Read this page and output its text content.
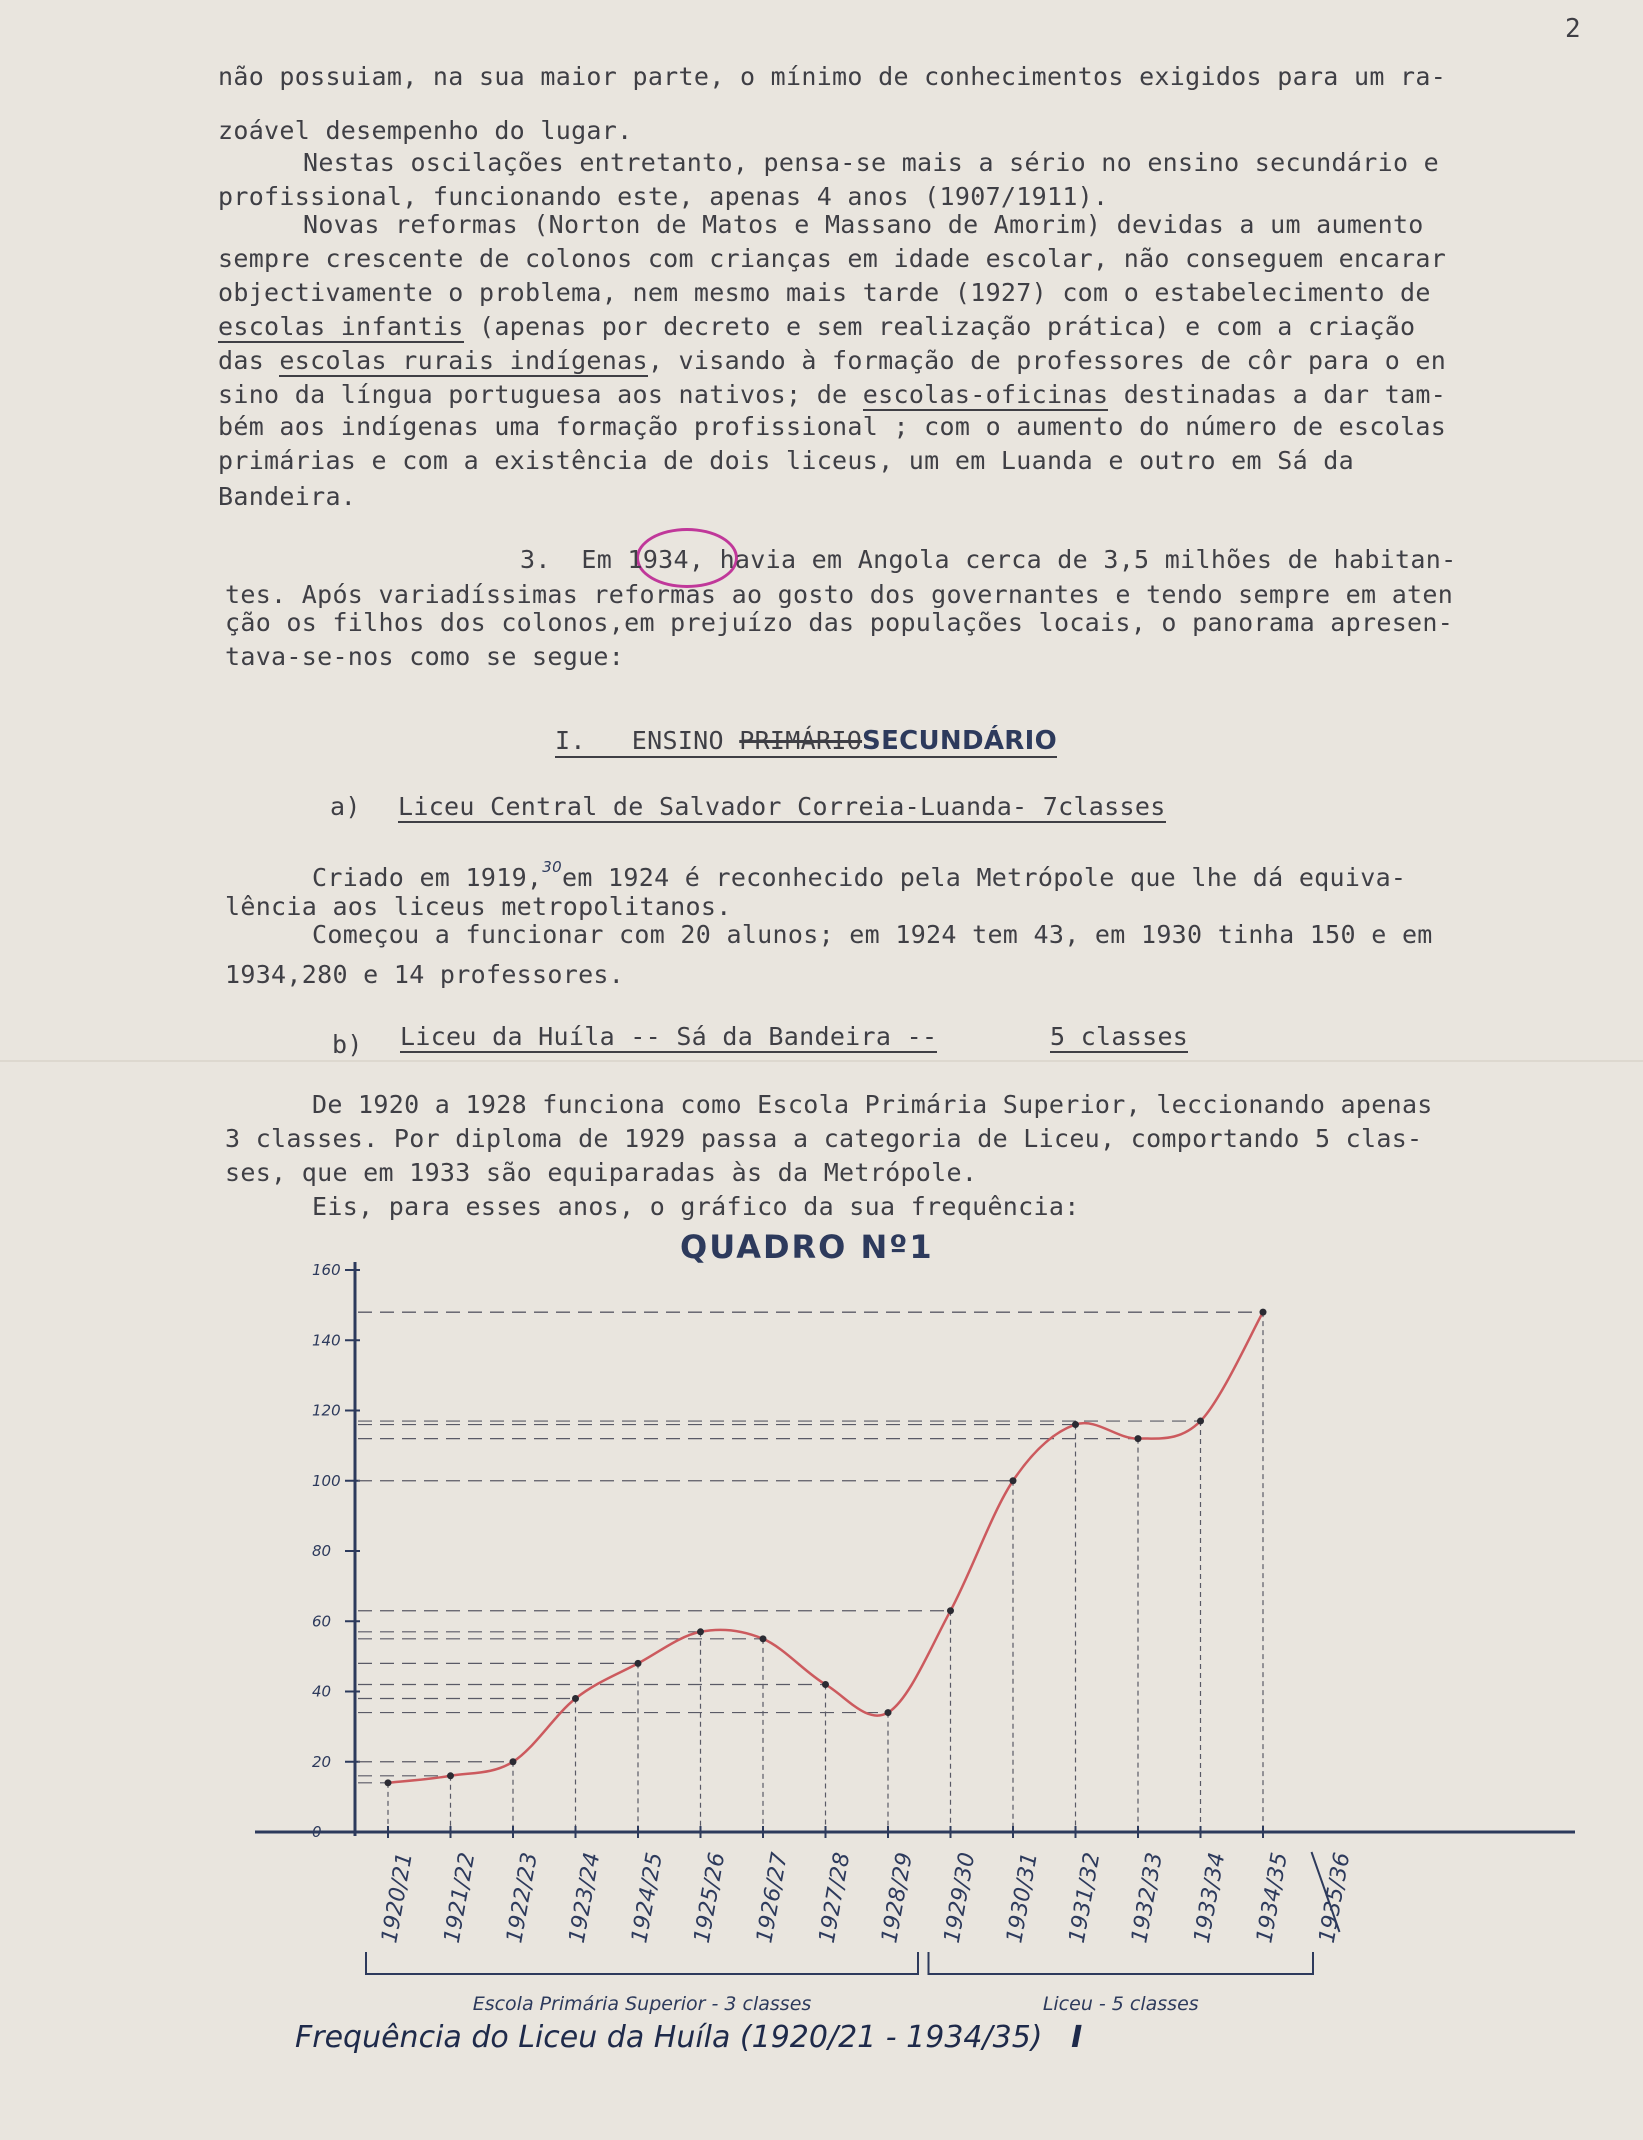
2
não possuiam, na sua maior parte, o mínimo de conhecimentos exigidos para um ra-
zoável desempenho do lugar.
Nestas oscilações entretanto, pensa-se mais a sério no ensino secundário e
profissional, funcionando este, apenas 4 anos (1907/1911).
Novas reformas (Norton de Matos e Massano de Amorim) devidas a um aumento
sempre crescente de colonos com crianças em idade escolar, não conseguem encarar
objectivamente o problema, nem mesmo mais tarde (1927) com o estabelecimento de
escolas infantis (apenas por decreto e sem realização prática) e com a criação
das escolas rurais indígenas, visando à formação de professores de côr para o en
sino da língua portuguesa aos nativos; de escolas-oficinas destinadas a dar tam-
bém aos indígenas uma formação profissional ; com o aumento do número de escolas
primárias e com a existência de dois liceus, um em Luanda e outro em Sá da
Bandeira.
3.  Em 1934, havia em Angola cerca de 3,5 milhões de habitan-
tes. Após variadíssimas reformas ao gosto dos governantes e tendo sempre em aten
ção os filhos dos colonos,em prejuízo das populações locais, o panorama apresen-
tava-se-nos como se segue:
I. ENSINO PRIMÁRIOSECUNDÁRIO
a) Liceu Central de Salvador Correia-Luanda- 7classes
Criado em 1919,30em 1924 é reconhecido pela Metrópole que lhe dá equiva-
lência aos liceus metropolitanos.
Começou a funcionar com 20 alunos; em 1924 tem 43, em 1930 tinha 150 e em
1934,280 e 14 professores.
b) Liceu da Huíla -- Sá da Bandeira --	5 classes
De 1920 a 1928 funciona como Escola Primária Superior, leccionando apenas
3 classes. Por diploma de 1929 passa a categoria de Liceu, comportando 5 clas-
ses, que em 1933 são equiparadas às da Metrópole.
Eis, para esses anos, o gráfico da sua frequência:
QUADRO Nº1
160
140
120
100
80
60
40
20
0
1920/21 1921/22 1922/23 1923/24 1924/25 1925/26 1926/27 1927/28 1928/29 1929/30 1930/31 1931/32 1932/33 1933/34 1934/35 1935/36
Escola Primária Superior - 3 classes	Liceu - 5 classes
Frequência do Liceu da Huíla (1920/21 - 1934/35) I
